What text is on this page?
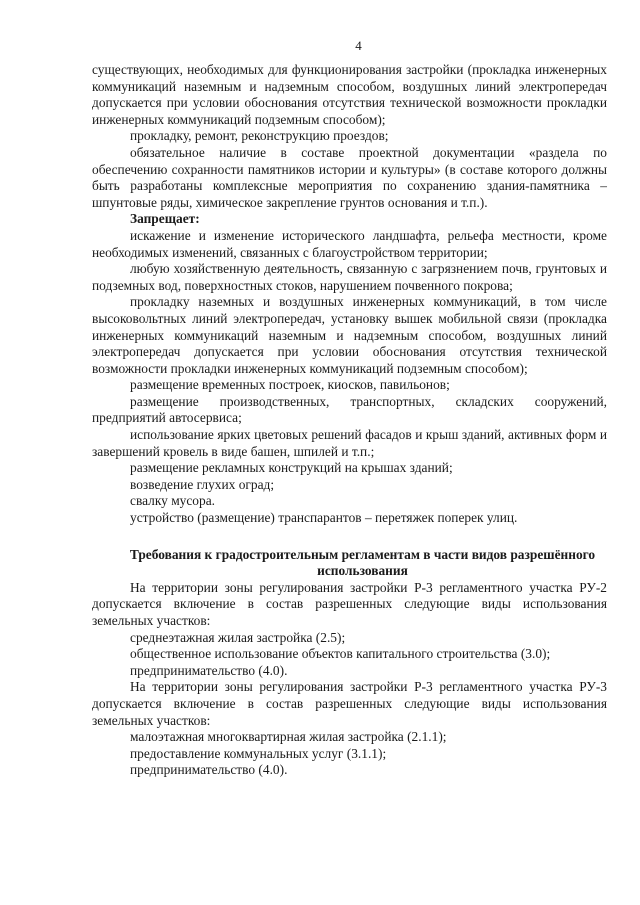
4

существующих, необходимых для функционирования застройки (прокладка инженерных коммуникаций наземным и надземным способом, воздушных линий электропередач допускается при условии обоснования отсутствия технической возможности прокладки инженерных коммуникаций подземным способом);

прокладку, ремонт, реконструкцию проездов;

обязательное наличие в составе проектной документации «раздела по обеспечению сохранности памятников истории и культуры» (в составе которого должны быть разработаны комплексные мероприятия по сохранению здания-памятника – шпунтовые ряды, химическое закрепление грунтов основания и т.п.).

Запрещает:

искажение и изменение исторического ландшафта, рельефа местности, кроме необходимых изменений, связанных с благоустройством территории;

любую хозяйственную деятельность, связанную с загрязнением почв, грунтовых и подземных вод, поверхностных стоков, нарушением почвенного покрова;

прокладку наземных и воздушных инженерных коммуникаций, в том числе высоковольтных линий электропередач, установку вышек мобильной связи (прокладка инженерных коммуникаций наземным и надземным способом, воздушных линий электропередач допускается при условии обоснования отсутствия технической возможности прокладки инженерных коммуникаций подземным способом);

размещение временных построек, киосков, павильонов;

размещение производственных, транспортных, складских сооружений, предприятий автосервиса;

использование ярких цветовых решений фасадов и крыш зданий, активных форм и завершений кровель в виде башен, шпилей и т.п.;

размещение рекламных конструкций на крышах зданий;

возведение глухих оград;

свалку мусора.

устройство (размещение) транспарантов – перетяжек поперек улиц.

Требования к градостроительным регламентам в части видов разрешённого использования

На территории зоны регулирования застройки Р-3 регламентного участка РУ-2 допускается включение в состав разрешенных следующие виды использования земельных участков:

среднеэтажная жилая застройка (2.5);

общественное использование объектов капитального строительства (3.0);

предпринимательство (4.0).

На территории зоны регулирования застройки Р-3 регламентного участка РУ-3 допускается включение в состав разрешенных следующие виды использования земельных участков:

малоэтажная многоквартирная жилая застройка (2.1.1);

предоставление коммунальных услуг (3.1.1);

предпринимательство (4.0).
